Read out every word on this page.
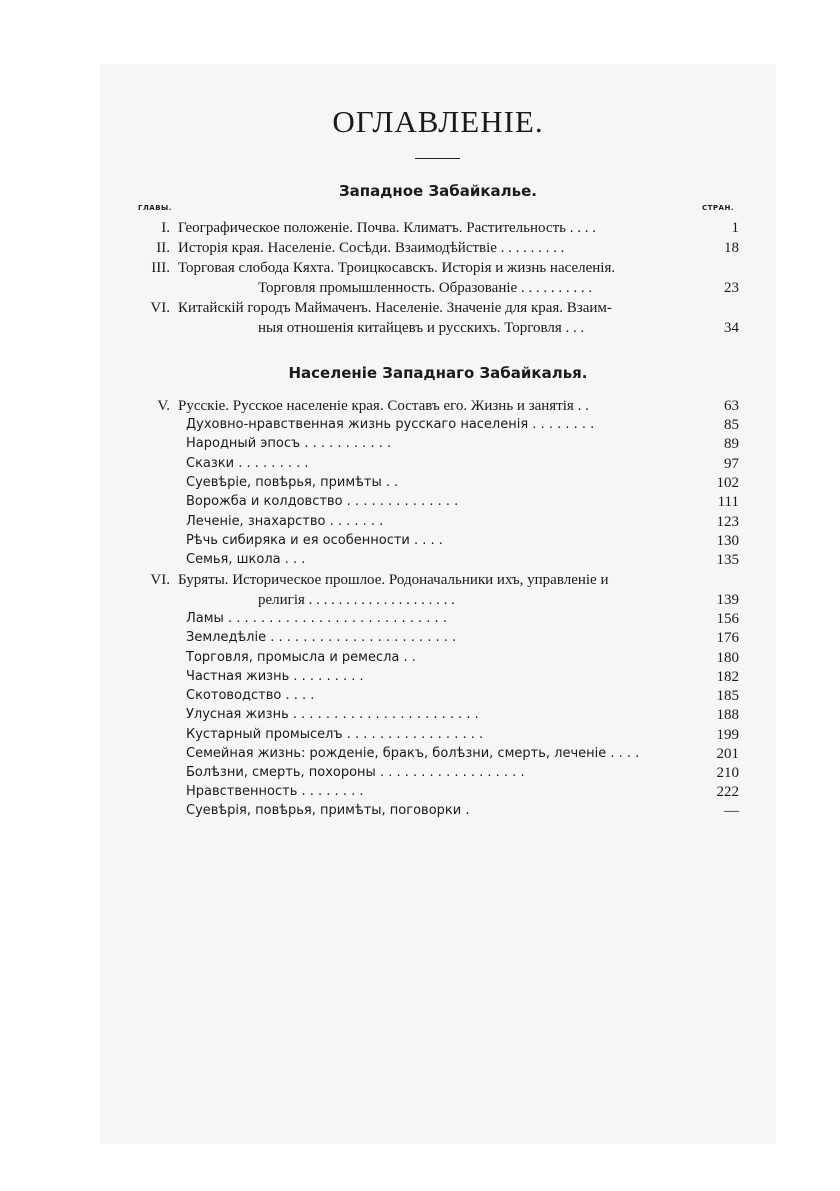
ОГЛАВЛЕНІЕ.
Западное Забайкалье.
ГЛАВЫ.	СТРАН.
I. Географическое положеніе. Почва. Климатъ. Растительность . . . .	1
II. Исторія края. Населеніе. Сосѣди. Взаимодѣйствіе . . . . . . . . .	18
III. Торговая слобода Кяхта. Троицкосавскъ. Исторія и жизнь населенія.
Торговля промышленность. Образованіе . . . . . . . . . .	23
VI. Китайскій городъ Маймаченъ. Населеніе. Значеніе для края. Взаим-
ныя отношенія китайцевъ и русскихъ. Торговля . . .	34
Населеніе Западнаго Забайкалья.
V. Русскіе. Русское населеніе края. Составъ его. Жизнь и занятія . .	63
Духовно-нравственная жизнь русскаго населенія . . . . . . . .	85
Народный эпосъ . . . . . . . . . . .	89
Сказки . . . . . . . . .	97
Суевѣріе, повѣрья, примѣты . .	102
Ворожба и колдовство . . . . . . . . . . . . . .	111
Леченіе, знахарство . . . . . . .	123
Рѣчь сибиряка и ея особенности . . . .	130
Семья, школа . . .	135
VI. Буряты. Историческое прошлое. Родоначальники ихъ, управленіе и
религія . . . . . . . . . . . . . . . . . . . .	139
Ламы . . . . . . . . . . . . . . . . . . . . . . . . . . .	156
Земледѣліе . . . . . . . . . . . . . . . . . . . . . . .	176
Торговля, промысла и ремесла . .	180
Частная жизнь . . . . . . . . .	182
Скотоводство . . . .	185
Улусная жизнь . . . . . . . . . . . . . . . . . . . . . . .	188
Кустарный промыселъ . . . . . . . . . . . . . . . . .	199
Семейная жизнь: рожденіе, бракъ, болѣзни, смерть, леченіе . . . .	201
Болѣзни, смерть, похороны . . . . . . . . . . . . . . . . . .	210
Нравственность . . . . . . . .	222
Суевѣрія, повѣрья, примѣты, поговорки .	—
